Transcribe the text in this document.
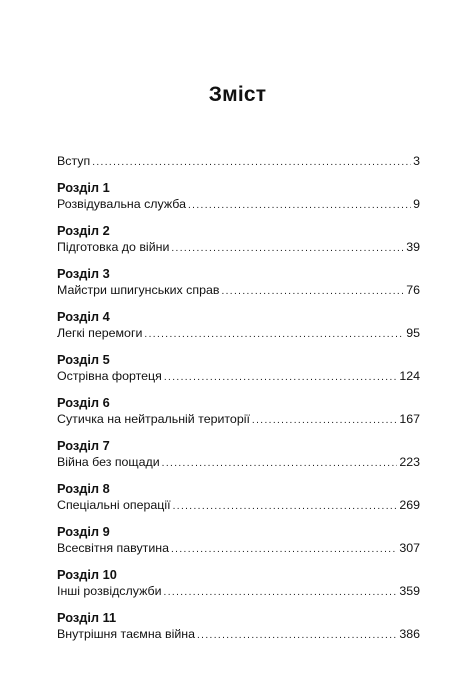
Зміст
Вступ .....	3
Розділ 1
Розвідувальна служба .....	9
Розділ 2
Підготовка до війни .....	39
Розділ 3
Майстри шпигунських справ .....	76
Розділ 4
Легкі перемоги .....	95
Розділ 5
Острівна фортеця .....	124
Розділ 6
Сутичка на нейтральній території .....	167
Розділ 7
Війна без пощади .....	223
Розділ 8
Спеціальні операції .....	269
Розділ 9
Всесвітня павутина .....	307
Розділ 10
Інші розвідслужби .....	359
Розділ 11
Внутрішня таємна війна .....	386
